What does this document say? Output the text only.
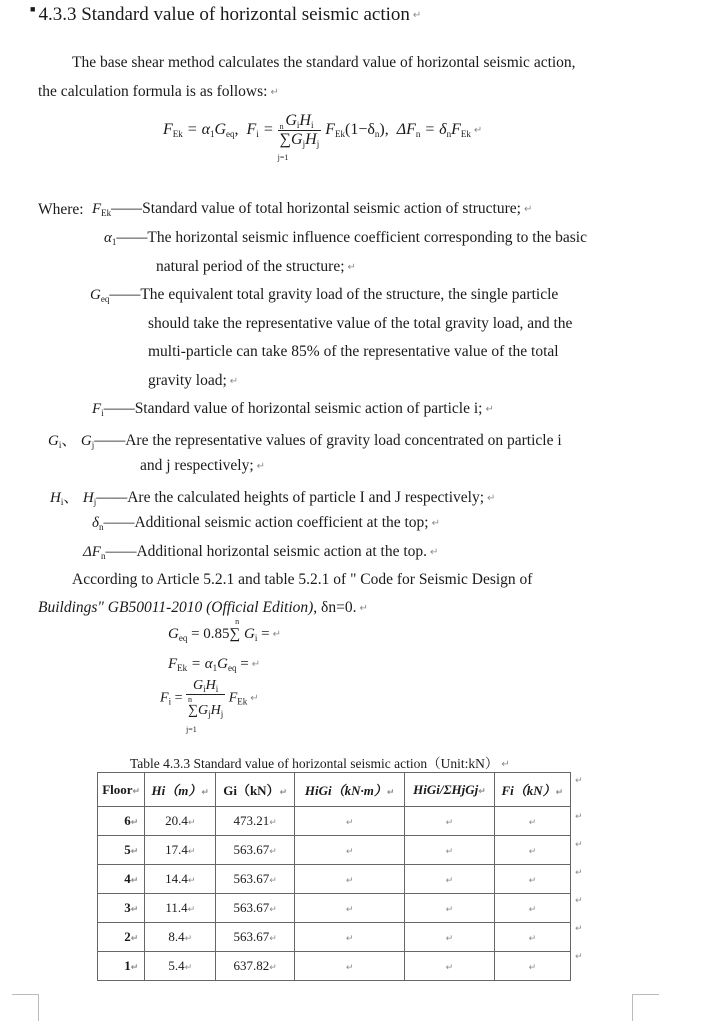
■ 4.3.3 Standard value of horizontal seismic action ↵
The base shear method calculates the standard value of horizontal seismic action,
the calculation formula is as follows: ↵
$F_{Ek} = \alpha_1G_{eq}$, $F_i = G_iH_i$
n
$\sum G_jH_j$
j=1 $F_{Ek}(1-\delta_n)$, $\Delta F_n = \delta_nF_{Ek}$ ↵
Where: $F_{Ek}——Standard$ value of total horizontal seismic action of structure; ↵
$\alpha_1——The$ horizontal seismic influence coefficient corresponding to the basic
natural period of the structure; ↵
$G_{eq}——The$ equivalent total gravity load of the structure, the single particle
should take the representative value of the total gravity load, and the
multi-particle can take 85% of the representative value of the total
gravity load; ↵
$F_i——Standard$ value of horizontal seismic action of particle i; ↵
$G_i$、 $G_j——Are$ the representative values of gravity load concentrated on particle i
and j respectively; ↵
$H_i$、 $H_j——Are$ the calculated heights of particle I and J respectively; ↵
$\delta_n——Additional$ seismic action coefficient at the top; ↵
$\Delta F_n——Additional$ horizontal seismic action at the top. ↵
According to Article 5.2.1 and table 5.2.1 of " Code for Seismic Design of
Buildings" GB50011-2010 (Official Edition), δn=0. ↵
$G_{eq} = 0.85\sum$
n
$G_i$ = ↵
$F_{Ek} = \alpha_1G_{eq}$ = ↵
$F_i = G_iH_i$
n
$\sum G_jH_j$
j=1 $F_{Ek}$ ↵
Table 4.3.3 Standard value of horizontal seismic action（Unit:kN） ↵
Floor↵	Hi（m）↵	Gi（kN）↵	HiGi（kN·m）↵	HiGi/ΣHjGj↵	Fi（kN）↵
6↵	20.4↵	473.21↵	↵	↵	↵
5↵	17.4↵	563.67↵	↵	↵	↵
4↵	14.4↵	563.67↵	↵	↵	↵
3↵	11.4↵	563.67↵	↵	↵	↵
2↵	8.4↵	563.67↵	↵	↵	↵
1↵	5.4↵	637.82↵	↵	↵	↵
↵
↵
↵
↵
↵
↵
↵
